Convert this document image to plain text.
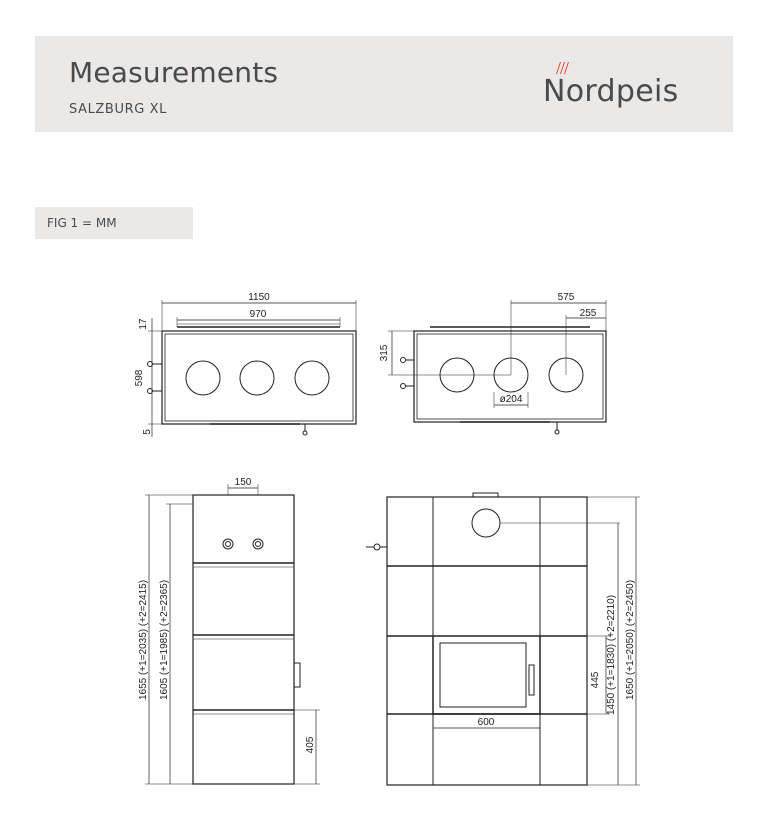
Measurements
SALZBURG XL
Nordpeis
FIG 1 = MM
1150
970
598
17
5
575
255
315
ø204
150
1655 (+1=2035) (+2=2415) 1605 (+1=1985) (+2=2365)
405
600
445 1450 (+1=1830) (+2=2210) 1650 (+1=2050) (+2=2450)
